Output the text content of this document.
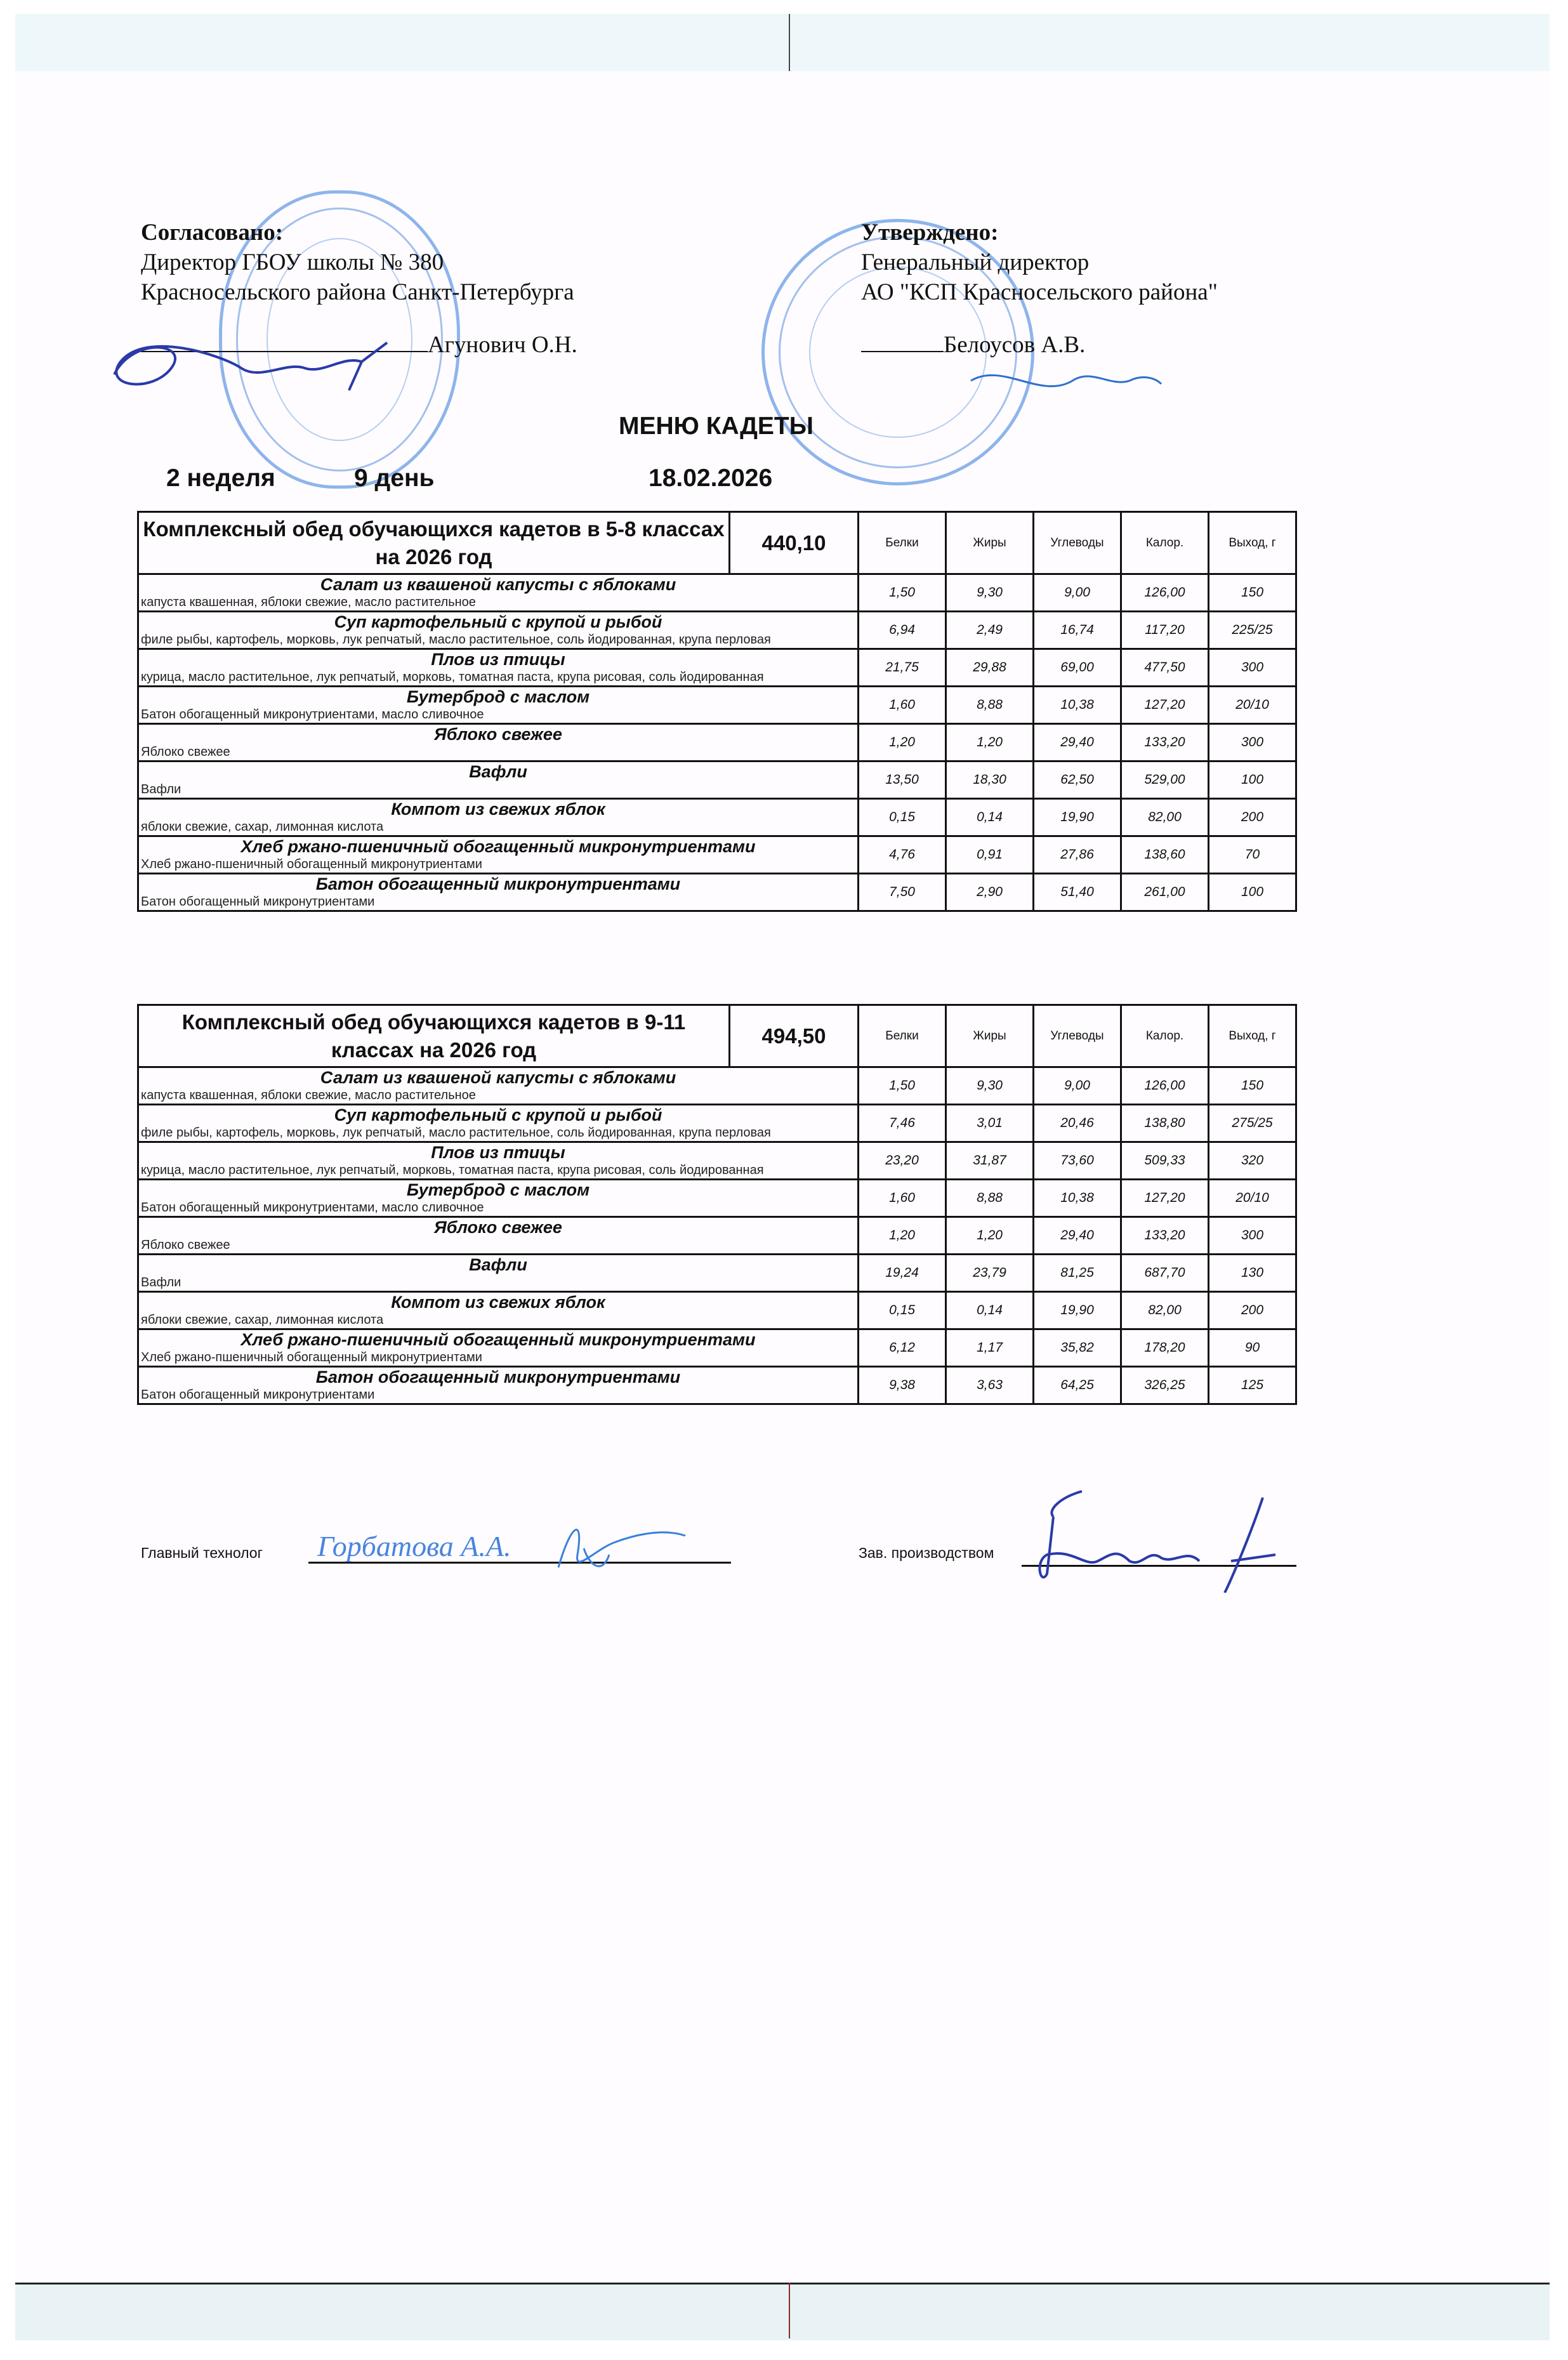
Согласовано:
Директор ГБОУ школы № 380
Красносельского района Санкт-Петербурга
Агунович О.Н.
Утверждено:
Генеральный директор
АО "КСП Красносельского района"
Белоусов А.В.
МЕНЮ КАДЕТЫ
2 неделя	9 день	18.02.2026
Комплексный обед обучающихся кадетов в 5-8 классах на 2026 год	440,10	Белки	Жиры	Углеводы	Калор.	Выход, г

Салат из квашеной капусты с яблоками
капуста квашенная, яблоки свежие, масло растительное		1,50	9,30	9,00	126,00	150

Суп картофельный с крупой и рыбой
филе рыбы, картофель, морковь, лук репчатый, масло растительное, соль йодированная, крупа перловая		6,94	2,49	16,74	117,20	225/25

Плов из птицы
курица, масло растительное, лук репчатый, морковь, томатная паста, крупа рисовая, соль йодированная		21,75	29,88	69,00	477,50	300

Бутерброд с маслом
Батон обогащенный микронутриентами, масло сливочное		1,60	8,88	10,38	127,20	20/10

Яблоко свежее
Яблоко свежее		1,20	1,20	29,40	133,20	300

Вафли
Вафли		13,50	18,30	62,50	529,00	100

Компот из свежих яблок
яблоки свежие, сахар, лимонная кислота		0,15	0,14	19,90	82,00	200

Хлеб ржано-пшеничный обогащенный микронутриентами
Хлеб ржано-пшеничный обогащенный микронутриентами		4,76	0,91	27,86	138,60	70

Батон обогащенный микронутриентами
Батон обогащенный микронутриентами		7,50	2,90	51,40	261,00	100
Комплексный обед обучающихся кадетов в 9-11 классах на 2026 год	494,50	Белки	Жиры	Углеводы	Калор.	Выход, г

Салат из квашеной капусты с яблоками
капуста квашенная, яблоки свежие, масло растительное		1,50	9,30	9,00	126,00	150

Суп картофельный с крупой и рыбой
филе рыбы, картофель, морковь, лук репчатый, масло растительное, соль йодированная, крупа перловая		7,46	3,01	20,46	138,80	275/25

Плов из птицы
курица, масло растительное, лук репчатый, морковь, томатная паста, крупа рисовая, соль йодированная		23,20	31,87	73,60	509,33	320

Бутерброд с маслом
Батон обогащенный микронутриентами, масло сливочное		1,60	8,88	10,38	127,20	20/10

Яблоко свежее
Яблоко свежее		1,20	1,20	29,40	133,20	300

Вафли
Вафли		19,24	23,79	81,25	687,70	130

Компот из свежих яблок
яблоки свежие, сахар, лимонная кислота		0,15	0,14	19,90	82,00	200

Хлеб ржано-пшеничный обогащенный микронутриентами
Хлеб ржано-пшеничный обогащенный микронутриентами		6,12	1,17	35,82	178,20	90

Батон обогащенный микронутриентами
Батон обогащенный микронутриентами		9,38	3,63	64,25	326,25	125
Главный технолог Горбатова А.А.	Зав. производством
